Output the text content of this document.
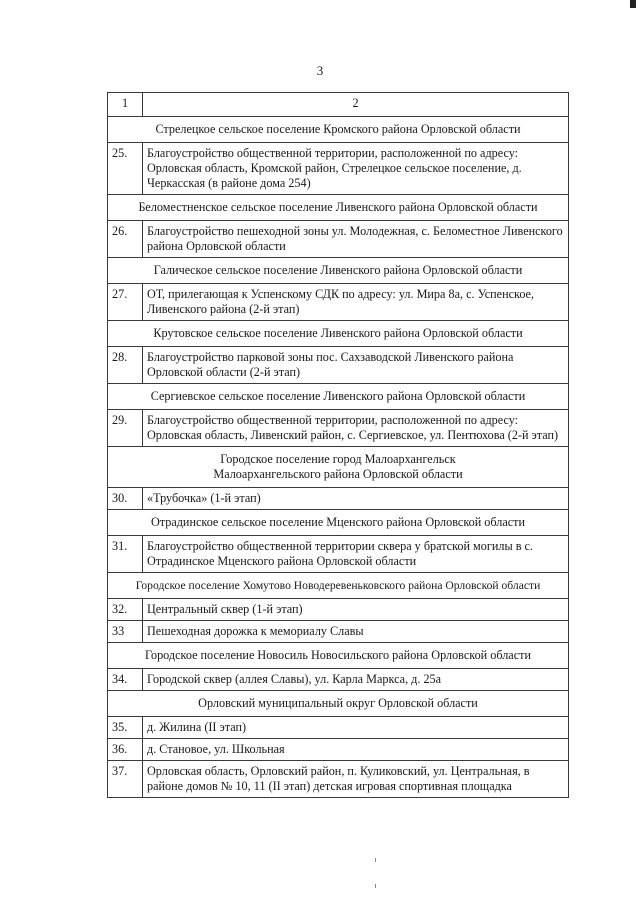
3
1	2
Стрелецкое сельское поселение Кромского района Орловской области	
25.	Благоустройство общественной территории, расположенной по адресу: Орловская область, Кромской район, Стрелецкое сельское поселение, д. Черкасская (в районе дома 254)
Беломестненское сельское поселение Ливенского района Орловской области	
26.	Благоустройство пешеходной зоны ул. Молодежная, с. Беломестное Ливенского района Орловской области
Галичеcкое сельское поселение Ливенского района Орловской области	
27.	ОТ, прилегающая к Успенскому СДК по адресу: ул. Мира 8а, с. Успенское, Ливенского района (2-й этап)
Крутовское сельское поселение Ливенского района Орловской области	
28.	Благоустройство парковой зоны пос. Сахзаводской Ливенского района Орловской области (2-й этап)
Сергиевское сельское поселение Ливенского района Орловской области	
29.	Благоустройство общественной территории, расположенной по адресу: Орловская область, Ливенский район, с. Сергиевское, ул. Пентюхова (2-й этап)
Городское поселение город Малоархангельск Малоархангельского района Орловской области	
30.	«Трубочка» (1-й этап)
Отрадинское сельское поселение Мценского района Орловской области	
31.	Благоустройство общественной территории сквера у братской могилы в с. Отрадинское Мценского района Орловской области
Городское поселение Хомутово Новодеревеньковского района Орловской области	
32.	Центральный сквер (1-й этап)
33	Пешеходная дорожка к мемориалу Славы
Городское поселение Новосиль Новосильского района Орловской области	
34.	Городской сквер (аллея Славы), ул. Карла Маркса, д. 25а
Орловский муниципальный округ Орловской области	
35.	д. Жилина (II этап)
36.	д. Становое, ул. Школьная
37.	Орловская область, Орловский район, п. Куликовский, ул. Центральная, в районе домов № 10, 11 (II этап) детская игровая спортивная площадка
